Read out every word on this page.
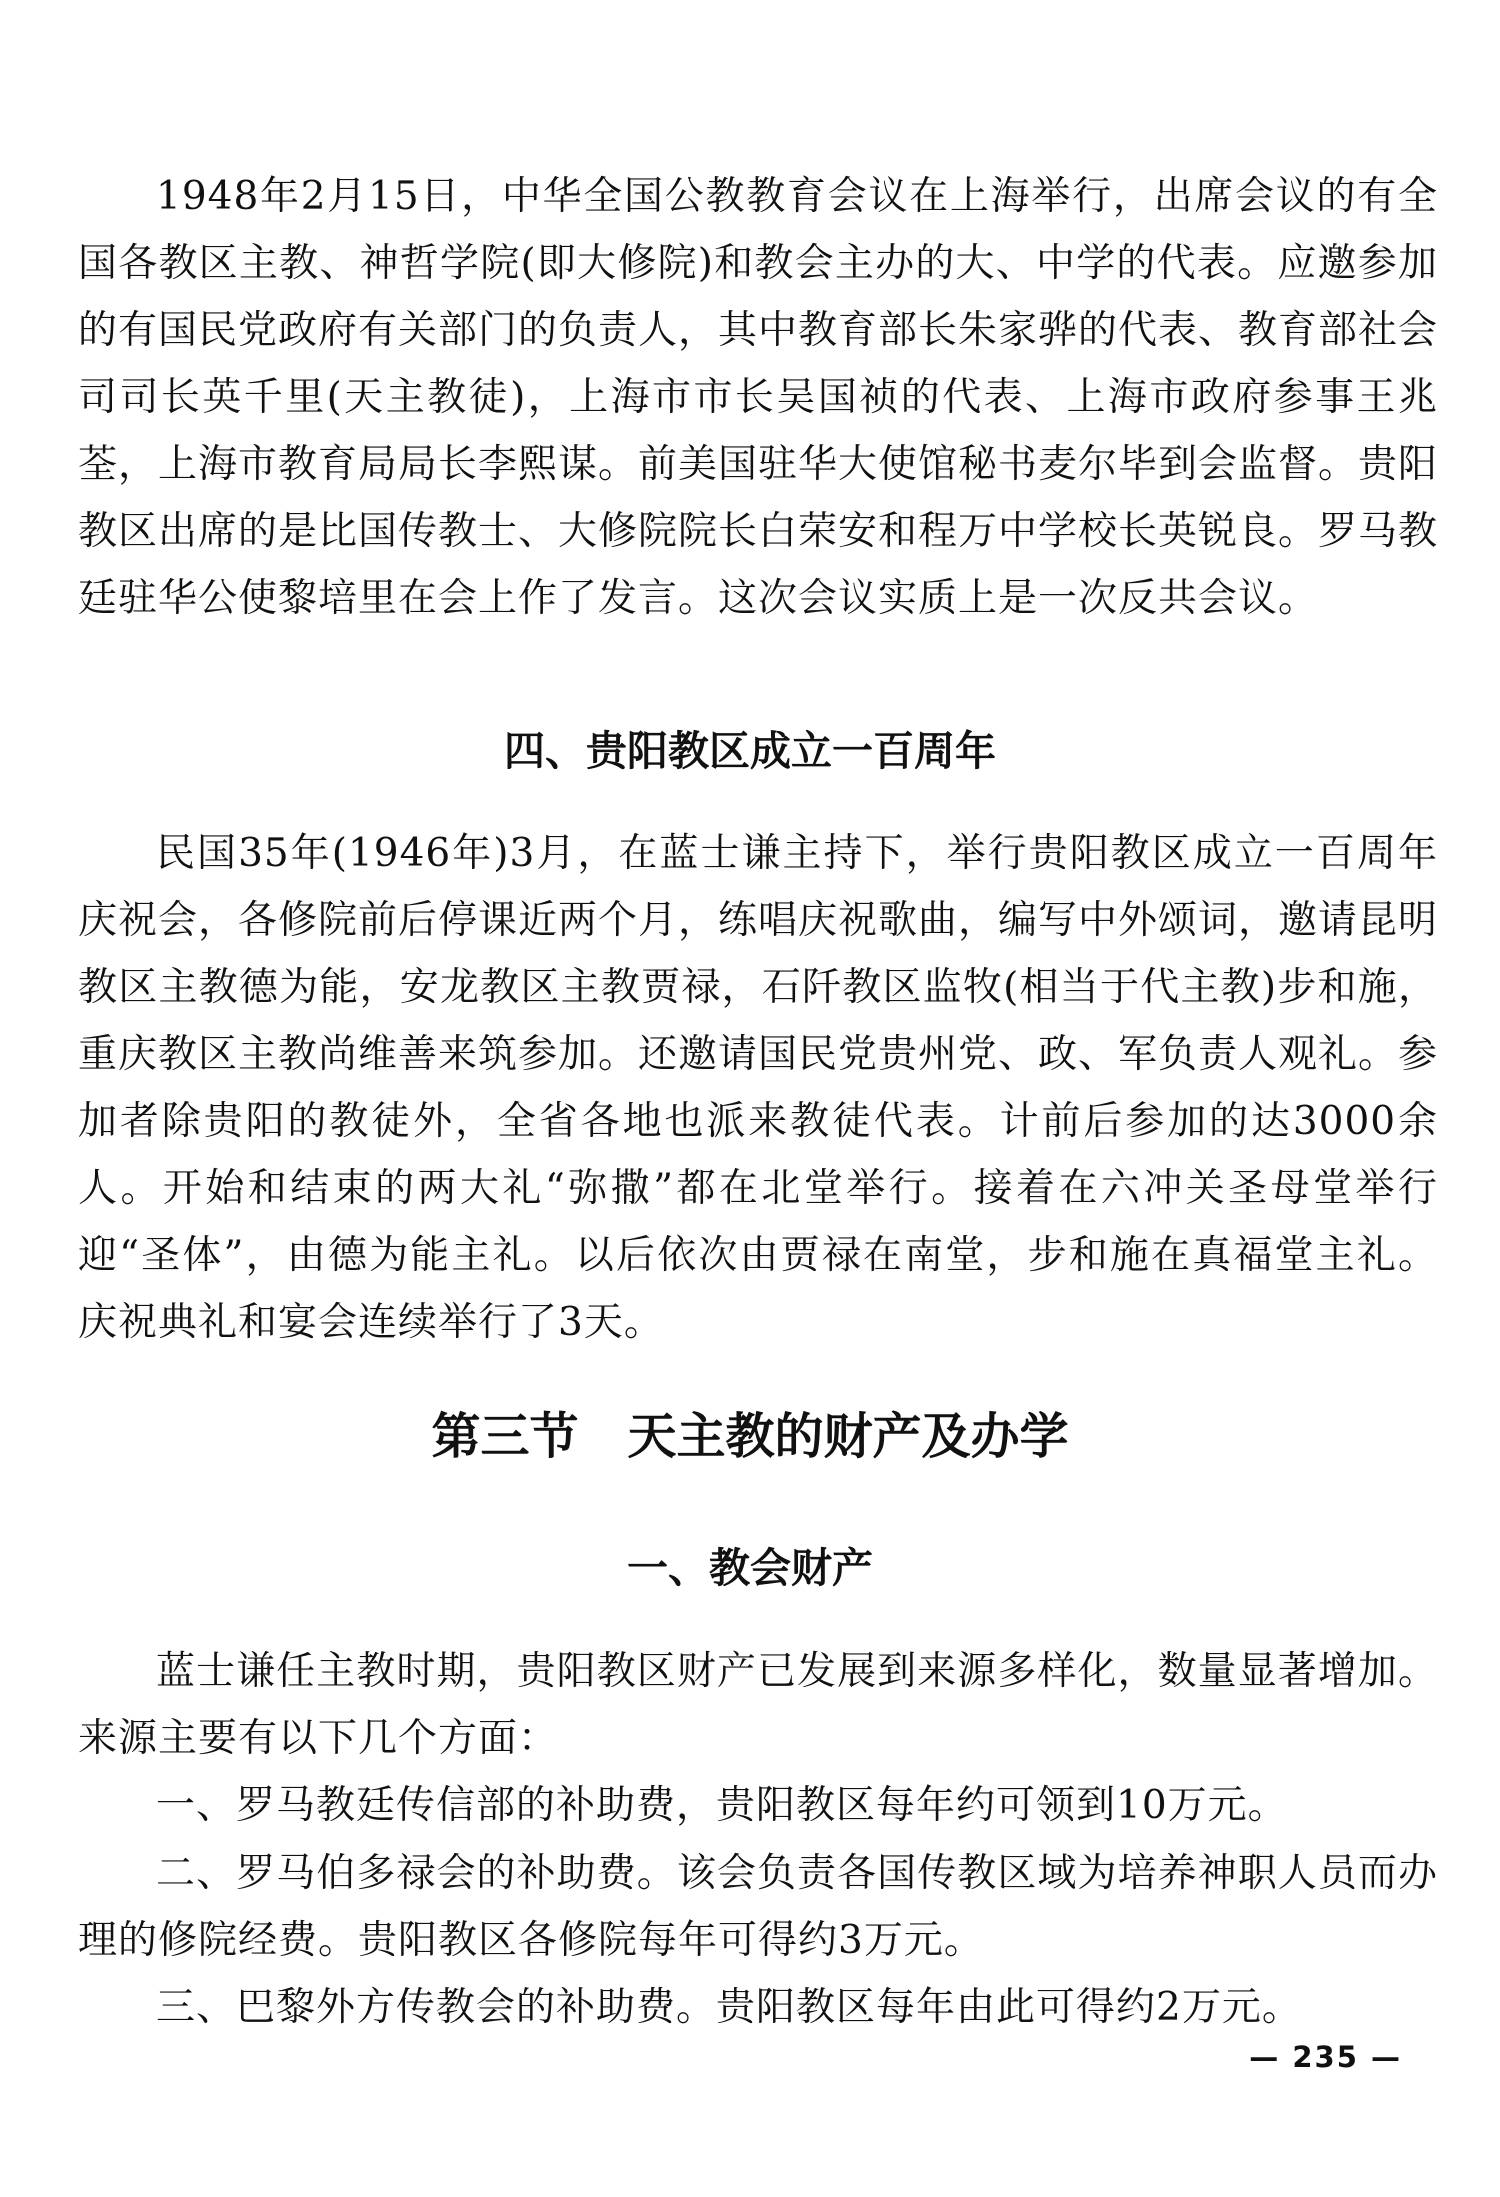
1948年2月15日，中华全国公教教育会议在上海举行，出席会议的有全国各教区主教、神哲学院(即大修院)和教会主办的大、中学的代表。应邀参加的有国民党政府有关部门的负责人，其中教育部长朱家骅的代表、教育部社会司司长英千里(天主教徒)，上海市市长吴国祯的代表、上海市政府参事王兆荃，上海市教育局局长李熙谋。前美国驻华大使馆秘书麦尔毕到会监督。贵阳教区出席的是比国传教士、大修院院长白荣安和程万中学校长英锐良。罗马教廷驻华公使黎培里在会上作了发言。这次会议实质上是一次反共会议。

四、贵阳教区成立一百周年

民国35年(1946年)3月，在蓝士谦主持下，举行贵阳教区成立一百周年庆祝会，各修院前后停课近两个月，练唱庆祝歌曲，编写中外颂词，邀请昆明教区主教德为能，安龙教区主教贾禄，石阡教区监牧(相当于代主教)步和施，重庆教区主教尚维善来筑参加。还邀请国民党贵州党、政、军负责人观礼。参加者除贵阳的教徒外，全省各地也派来教徒代表。计前后参加的达3000余人。开始和结束的两大礼“弥撒”都在北堂举行。接着在六冲关圣母堂举行迎“圣体”，由德为能主礼。以后依次由贾禄在南堂，步和施在真福堂主礼。庆祝典礼和宴会连续举行了3天。

第三节　天主教的财产及办学
一、教会财产

蓝士谦任主教时期，贵阳教区财产已发展到来源多样化，数量显著增加。来源主要有以下几个方面：

一、罗马教廷传信部的补助费，贵阳教区每年约可领到10万元。

二、罗马伯多禄会的补助费。该会负责各国传教区域为培养神职人员而办理的修院经费。贵阳教区各修院每年可得约3万元。

三、巴黎外方传教会的补助费。贵阳教区每年由此可得约2万元。

— 235 —
